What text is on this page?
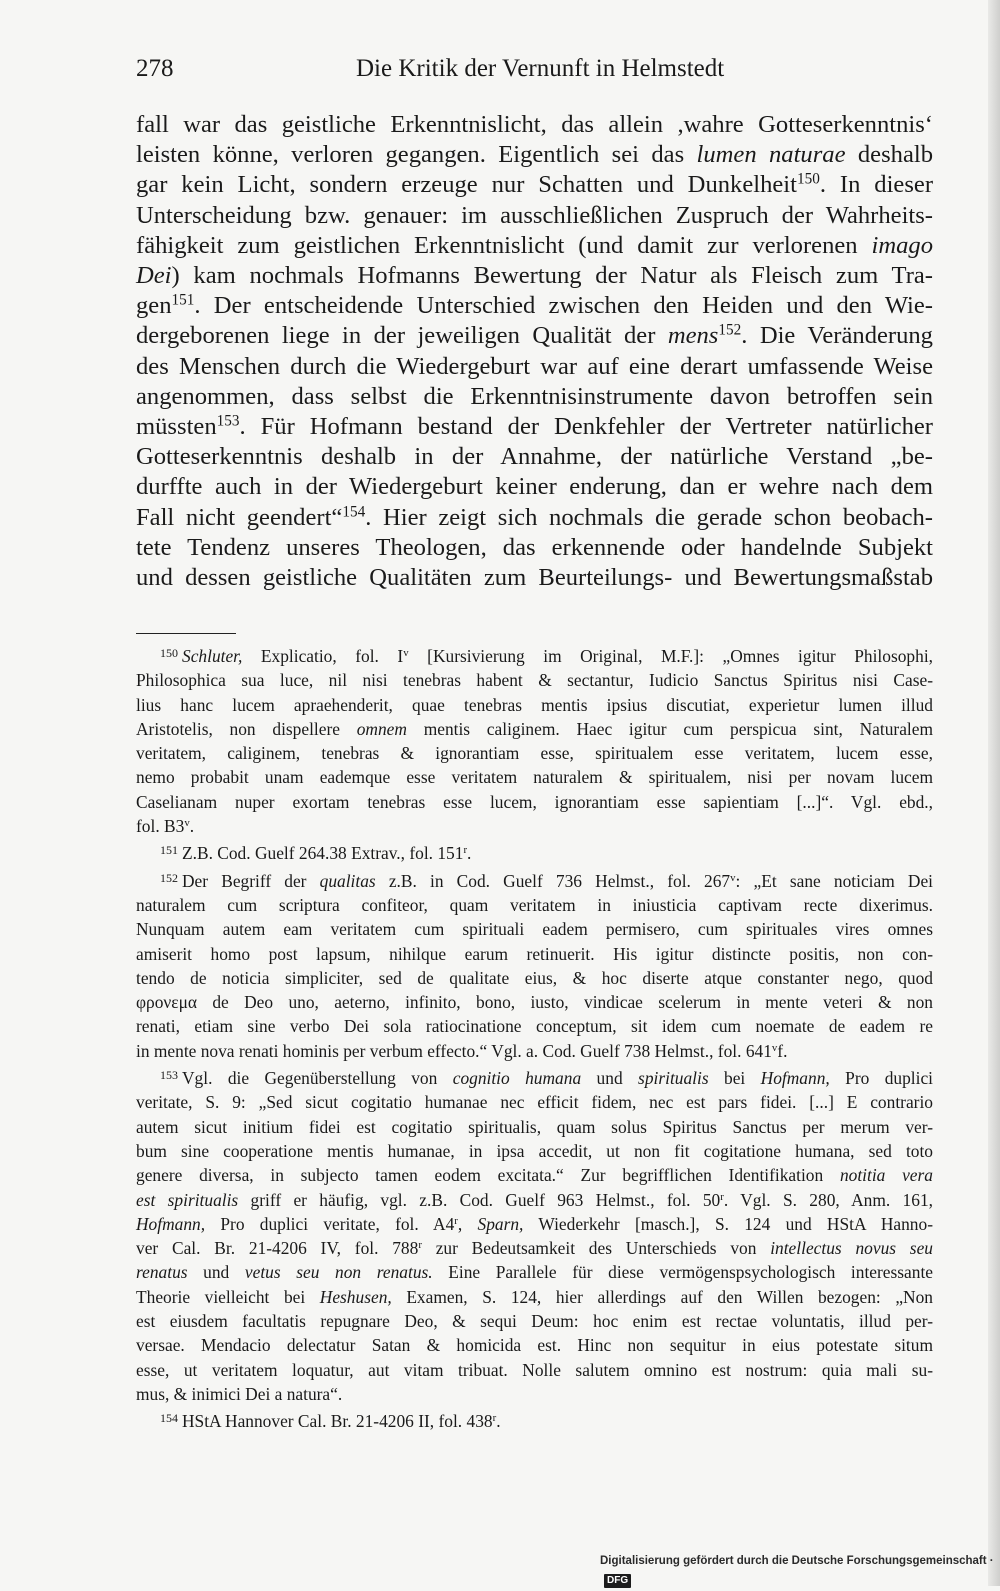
278	Die Kritik der Vernunft in Helmstedt
fall war das geistliche Erkenntnislicht, das allein ,wahre Gotteserkenntnis‘
leisten könne, verloren gegangen. Eigentlich sei das lumen naturae deshalb
gar kein Licht, sondern erzeuge nur Schatten und Dunkelheit$^{150}$. In dieser
Unterscheidung bzw. genauer: im ausschließlichen Zuspruch der Wahrheits-
fähigkeit zum geistlichen Erkenntnislicht (und damit zur verlorenen imago
Dei) kam nochmals Hofmanns Bewertung der Natur als Fleisch zum Tra-
gen$^{151}$. Der entscheidende Unterschied zwischen den Heiden und den Wie-
dergeborenen liege in der jeweiligen Qualität der mens$^{152}$. Die Veränderung
des Menschen durch die Wiedergeburt war auf eine derart umfassende Weise
angenommen, dass selbst die Erkenntnisinstrumente davon betroffen sein
müssten$^{153}$. Für Hofmann bestand der Denkfehler der Vertreter natürlicher
Gotteserkenntnis deshalb in der Annahme, der natürliche Verstand „be-
durffte auch in der Wiedergeburt keiner enderung, dan er wehre nach dem
Fall nicht geendert“$^{154}$. Hier zeigt sich nochmals die gerade schon beobach-
tete Tendenz unseres Theologen, das erkennende oder handelnde Subjekt
und dessen geistliche Qualitäten zum Beurteilungs- und Bewertungsmaßstab
$^{150}$ Schluter, Explicatio, fol. $I^v$ [Kursivierung im Original, M.F.]: „Omnes igitur Philosophi,
Philosophica sua luce, nil nisi tenebras habent & sectantur, Iudicio Sanctus Spiritus nisi Case-
lius hanc lucem apraehenderit, quae tenebras mentis ipsius discutiat, experietur lumen illud
Aristotelis, non dispellere omnem mentis caliginem. Haec igitur cum perspicua sint, Naturalem
veritatem, caliginem, tenebras & ignorantiam esse, spiritualem esse veritatem, lucem esse,
nemo probabit unam eademque esse veritatem naturalem & spiritualem, nisi per novam lucem
Caselianam nuper exortam tenebras esse lucem, ignorantiam esse sapientiam [...]“. Vgl. ebd.,
fol. B3$^v$.
$^{151}$ Z.B. Cod. Guelf 264.38 Extrav., fol. 151$^r$.
$^{152}$ Der Begriff der qualitas z.B. in Cod. Guelf 736 Helmst., fol. 267$^v$: „Et sane noticiam Dei
naturalem cum scriptura confiteor, quam veritatem in iniusticia captivam recte dixerimus.
Nunquam autem eam veritatem cum spirituali eadem permisero, cum spirituales vires omnes
amiserit homo post lapsum, nihilque earum retinuerit. His igitur distincte positis, non con-
tendo de noticia simpliciter, sed de qualitate eius, & hoc diserte atque constanter nego, quod
φρονεμα de Deo uno, aeterno, infinito, bono, iusto, vindicae scelerum in mente veteri & non
renati, etiam sine verbo Dei sola ratiocinatione conceptum, sit idem cum noemate de eadem re
in mente nova renati hominis per verbum effecto.“ Vgl. a. Cod. Guelf 738 Helmst., fol. 641$^v$f.
$^{153}$ Vgl. die Gegenüberstellung von cognitio humana und spiritualis bei Hofmann, Pro duplici
veritate, S. 9: „Sed sicut cogitatio humanae nec efficit fidem, nec est pars fidei. [...] E contrario
autem sicut initium fidei est cogitatio spiritualis, quam solus Spiritus Sanctus per merum ver-
bum sine cooperatione mentis humanae, in ipsa accedit, ut non fit cogitatione humana, sed toto
genere diversa, in subjecto tamen eodem excitata.“ Zur begrifflichen Identifikation notitia vera
est spiritualis griff er häufig, vgl. z.B. Cod. Guelf 963 Helmst., fol. 50$^r$. Vgl. S. 280, Anm. 161,
Hofmann, Pro duplici veritate, fol. A4$^r$, Sparn, Wiederkehr [masch.], S. 124 und HStA Hanno-
ver Cal. Br. 21-4206 IV, fol. 788$^r$ zur Bedeutsamkeit des Unterschieds von intellectus novus seu
renatus und vetus seu non renatus. Eine Parallele für diese vermögenspsychologisch interessante
Theorie vielleicht bei Heshusen, Examen, S. 124, hier allerdings auf den Willen bezogen: „Non
est eiusdem facultatis repugnare Deo, & sequi Deum: hoc enim est rectae voluntatis, illud per-
versae. Mendacio delectatur Satan & homicida est. Hinc non sequitur in eius potestate situm
esse, ut veritatem loquatur, aut vitam tribuat. Nolle salutem omnino est nostrum: quia mali su-
mus, & inimici Dei a natura“.
$^{154}$ HStA Hannover Cal. Br. 21-4206 II, fol. 438$^r$.
Digitalisierung gefördert durch die Deutsche Forschungsgemeinschaft ·DFG
